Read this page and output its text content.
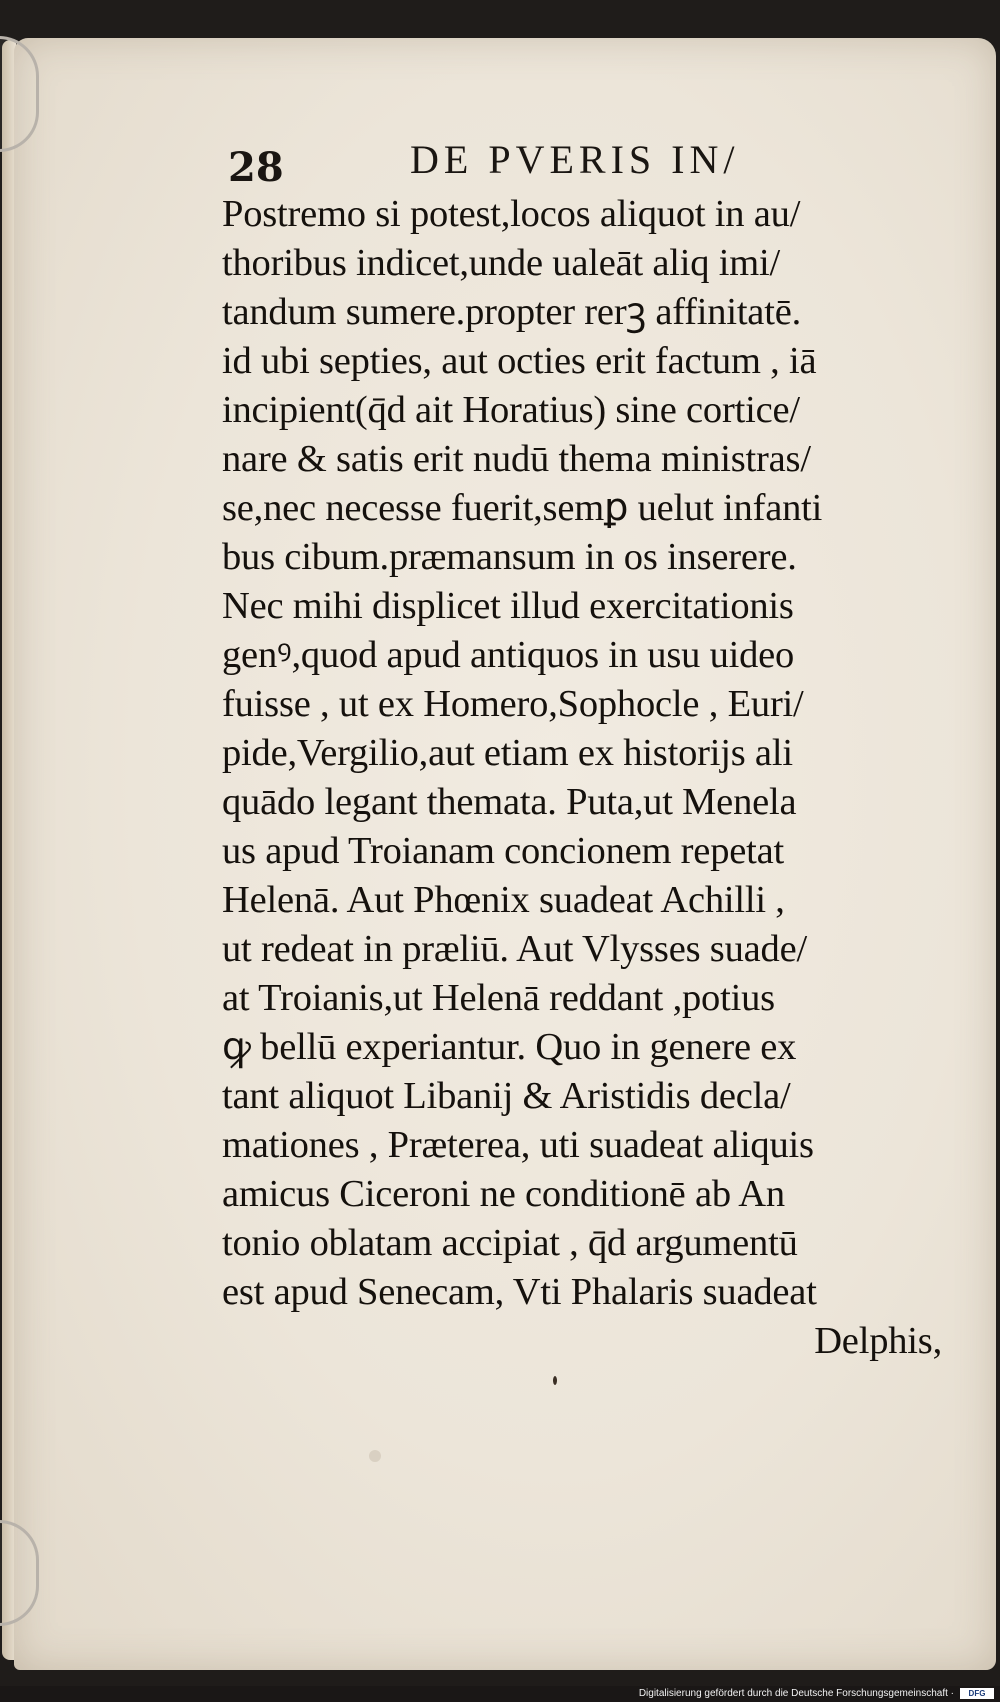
28	DE PVERIS IN/
Postremo si potest,locos aliquot in au/
thoribus indicet,unde ualeāt aliq imi/
tandum sumere.propter rerꝫ affinitatē.
id ubi septies, aut octies erit factum , iā
incipient(q̄d ait Horatius) sine cortice/
nare & satis erit nudū thema ministras/
se,nec necesse fuerit,semꝑ uelut infanti
bus cibum.præmansum in os inserere.
Nec mihi displicet illud exercitationis
genꝰ,quod apud antiquos in usu uideo
fuisse , ut ex Homero,Sophocle , Euri/
pide,Vergilio,aut etiam ex historijs ali
quādo legant themata. Puta,ut Menela
us apud Troianam concionem repetat
Helenā. Aut Phœnix suadeat Achilli ,
ut redeat in præliū. Aut Vlysses suade/
at Troianis,ut Helenā reddant ,potius
ꝙ bellū experiantur. Quo in genere ex
tant aliquot Libanij & Aristidis decla/
mationes , Præterea, uti suadeat aliquis
amicus Ciceroni ne conditionē ab An
tonio oblatam accipiat , q̄d argumentū
est apud Senecam, Vti Phalaris suadeat
Delphis,
Digitalisierung gefördert durch die Deutsche Forschungsgemeinschaft ·	DFG
